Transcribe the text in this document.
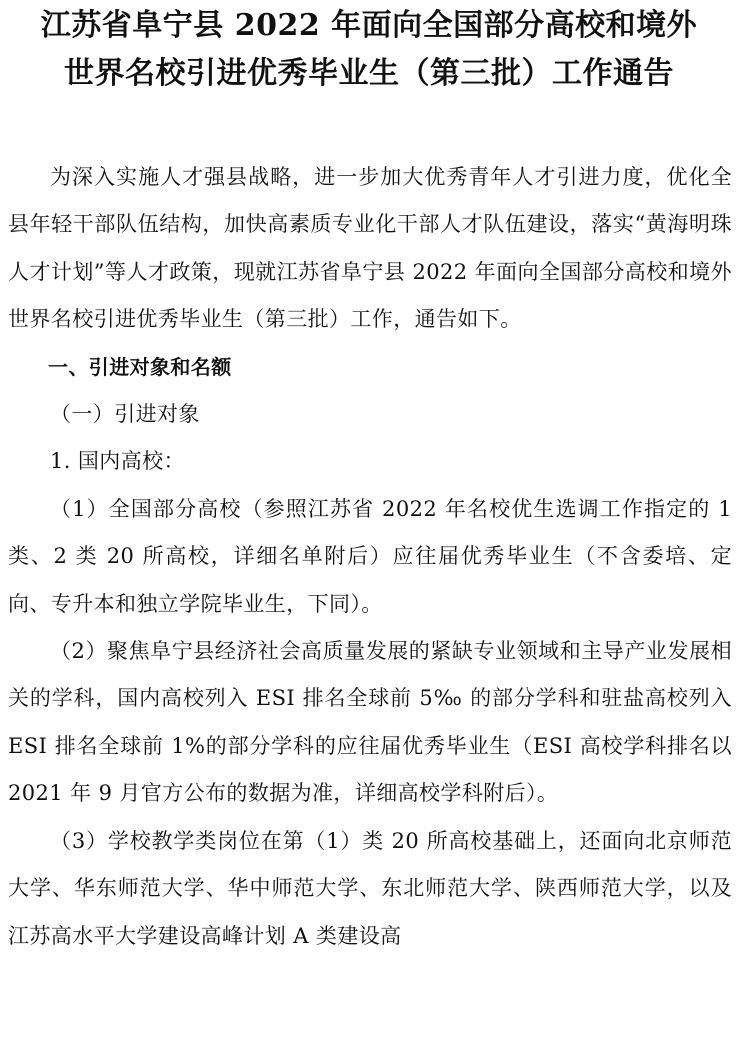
江苏省阜宁县 2022 年面向全国部分高校和境外
世界名校引进优秀毕业生（第三批）工作通告

为深入实施人才强县战略，进一步加大优秀青年人才引进力度，优化全县年轻干部队伍结构，加快高素质专业化干部人才队伍建设，落实“黄海明珠人才计划”等人才政策，现就江苏省阜宁县 2022 年面向全国部分高校和境外世界名校引进优秀毕业生（第三批）工作，通告如下。

一、引进对象和名额

（一）引进对象

1. 国内高校：

（1）全国部分高校（参照江苏省 2022 年名校优生选调工作指定的 1 类、2 类 20 所高校，详细名单附后）应往届优秀毕业生（不含委培、定向、专升本和独立学院毕业生，下同）。

（2）聚焦阜宁县经济社会高质量发展的紧缺专业领域和主导产业发展相关的学科，国内高校列入 ESI 排名全球前 5‰ 的部分学科和驻盐高校列入 ESI 排名全球前 1%的部分学科的应往届优秀毕业生（ESI 高校学科排名以 2021 年 9 月官方公布的数据为准，详细高校学科附后）。

（3）学校教学类岗位在第（1）类 20 所高校基础上，还面向北京师范大学、华东师范大学、华中师范大学、东北师范大学、陕西师范大学，以及江苏高水平大学建设高峰计划 A 类建设高
